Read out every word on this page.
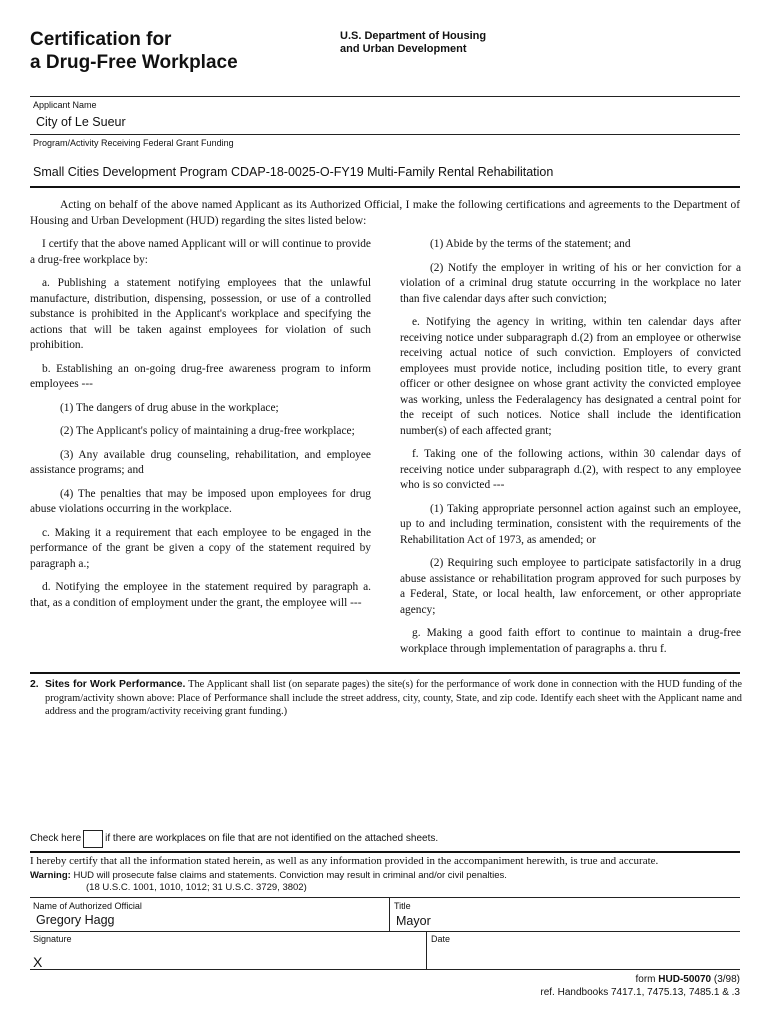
Certification for
a Drug-Free Workplace
U.S. Department of Housing
and Urban Development
Applicant Name
City of Le Sueur
Program/Activity Receiving Federal Grant Funding
Small Cities Development Program CDAP-18-0025-O-FY19 Multi-Family Rental Rehabilitation

Acting on behalf of the above named Applicant as its Authorized Official, I make the following certifications and agreements to the Department of Housing and Urban Development (HUD) regarding the sites listed below:

I certify that the above named Applicant will or will continue to provide a drug-free workplace by:

a. Publishing a statement notifying employees that the unlawful manufacture, distribution, dispensing, possession, or use of a controlled substance is prohibited in the Applicant's workplace and specifying the actions that will be taken against employees for violation of such prohibition.

b. Establishing an on-going drug-free awareness program to inform employees ---

(1) The dangers of drug abuse in the workplace;

(2) The Applicant's policy of maintaining a drug-free workplace;

(3) Any available drug counseling, rehabilitation, and employee assistance programs; and

(4) The penalties that may be imposed upon employees for drug abuse violations occurring in the workplace.

c. Making it a requirement that each employee to be engaged in the performance of the grant be given a copy of the statement required by paragraph a.;

d. Notifying the employee in the statement required by paragraph a. that, as a condition of employment under the grant, the employee will ---

(1) Abide by the terms of the statement; and

(2) Notify the employer in writing of his or her conviction for a violation of a criminal drug statute occurring in the workplace no later than five calendar days after such conviction;

e. Notifying the agency in writing, within ten calendar days after receiving notice under subparagraph d.(2) from an employee or otherwise receiving actual notice of such conviction. Employers of convicted employees must provide notice, including position title, to every grant officer or other designee on whose grant activity the convicted employee was working, unless the Federalagency has designated a central point for the receipt of such notices. Notice shall include the identification number(s) of each affected grant;

f. Taking one of the following actions, within 30 calendar days of receiving notice under subparagraph d.(2), with respect to any employee who is so convicted ---

(1) Taking appropriate personnel action against such an employee, up to and including termination, consistent with the requirements of the Rehabilitation Act of 1973, as amended; or

(2) Requiring such employee to participate satisfactorily in a drug abuse assistance or rehabilitation program approved for such purposes by a Federal, State, or local health, law enforcement, or other appropriate agency;

g. Making a good faith effort to continue to maintain a drug-free workplace through implementation of paragraphs a. thru f.

2. Sites for Work Performance. The Applicant shall list (on separate pages) the site(s) for the performance of work done in connection with the HUD funding of the program/activity shown above: Place of Performance shall include the street address, city, county, State, and zip code. Identify each sheet with the Applicant name and address and the program/activity receiving grant funding.)
Check here if there are workplaces on file that are not identified on the attached sheets.
I hereby certify that all the information stated herein, as well as any information provided in the accompaniment herewith, is true and accurate.
Warning: HUD will prosecute false claims and statements. Conviction may result in criminal and/or civil penalties.
(18 U.S.C. 1001, 1010, 1012; 31 U.S.C. 3729, 3802)
Name of Authorized Official
Gregory Hagg
Title
Mayor
Signature
X
Date
form HUD-50070 (3/98)
ref. Handbooks 7417.1, 7475.13, 7485.1 & .3
